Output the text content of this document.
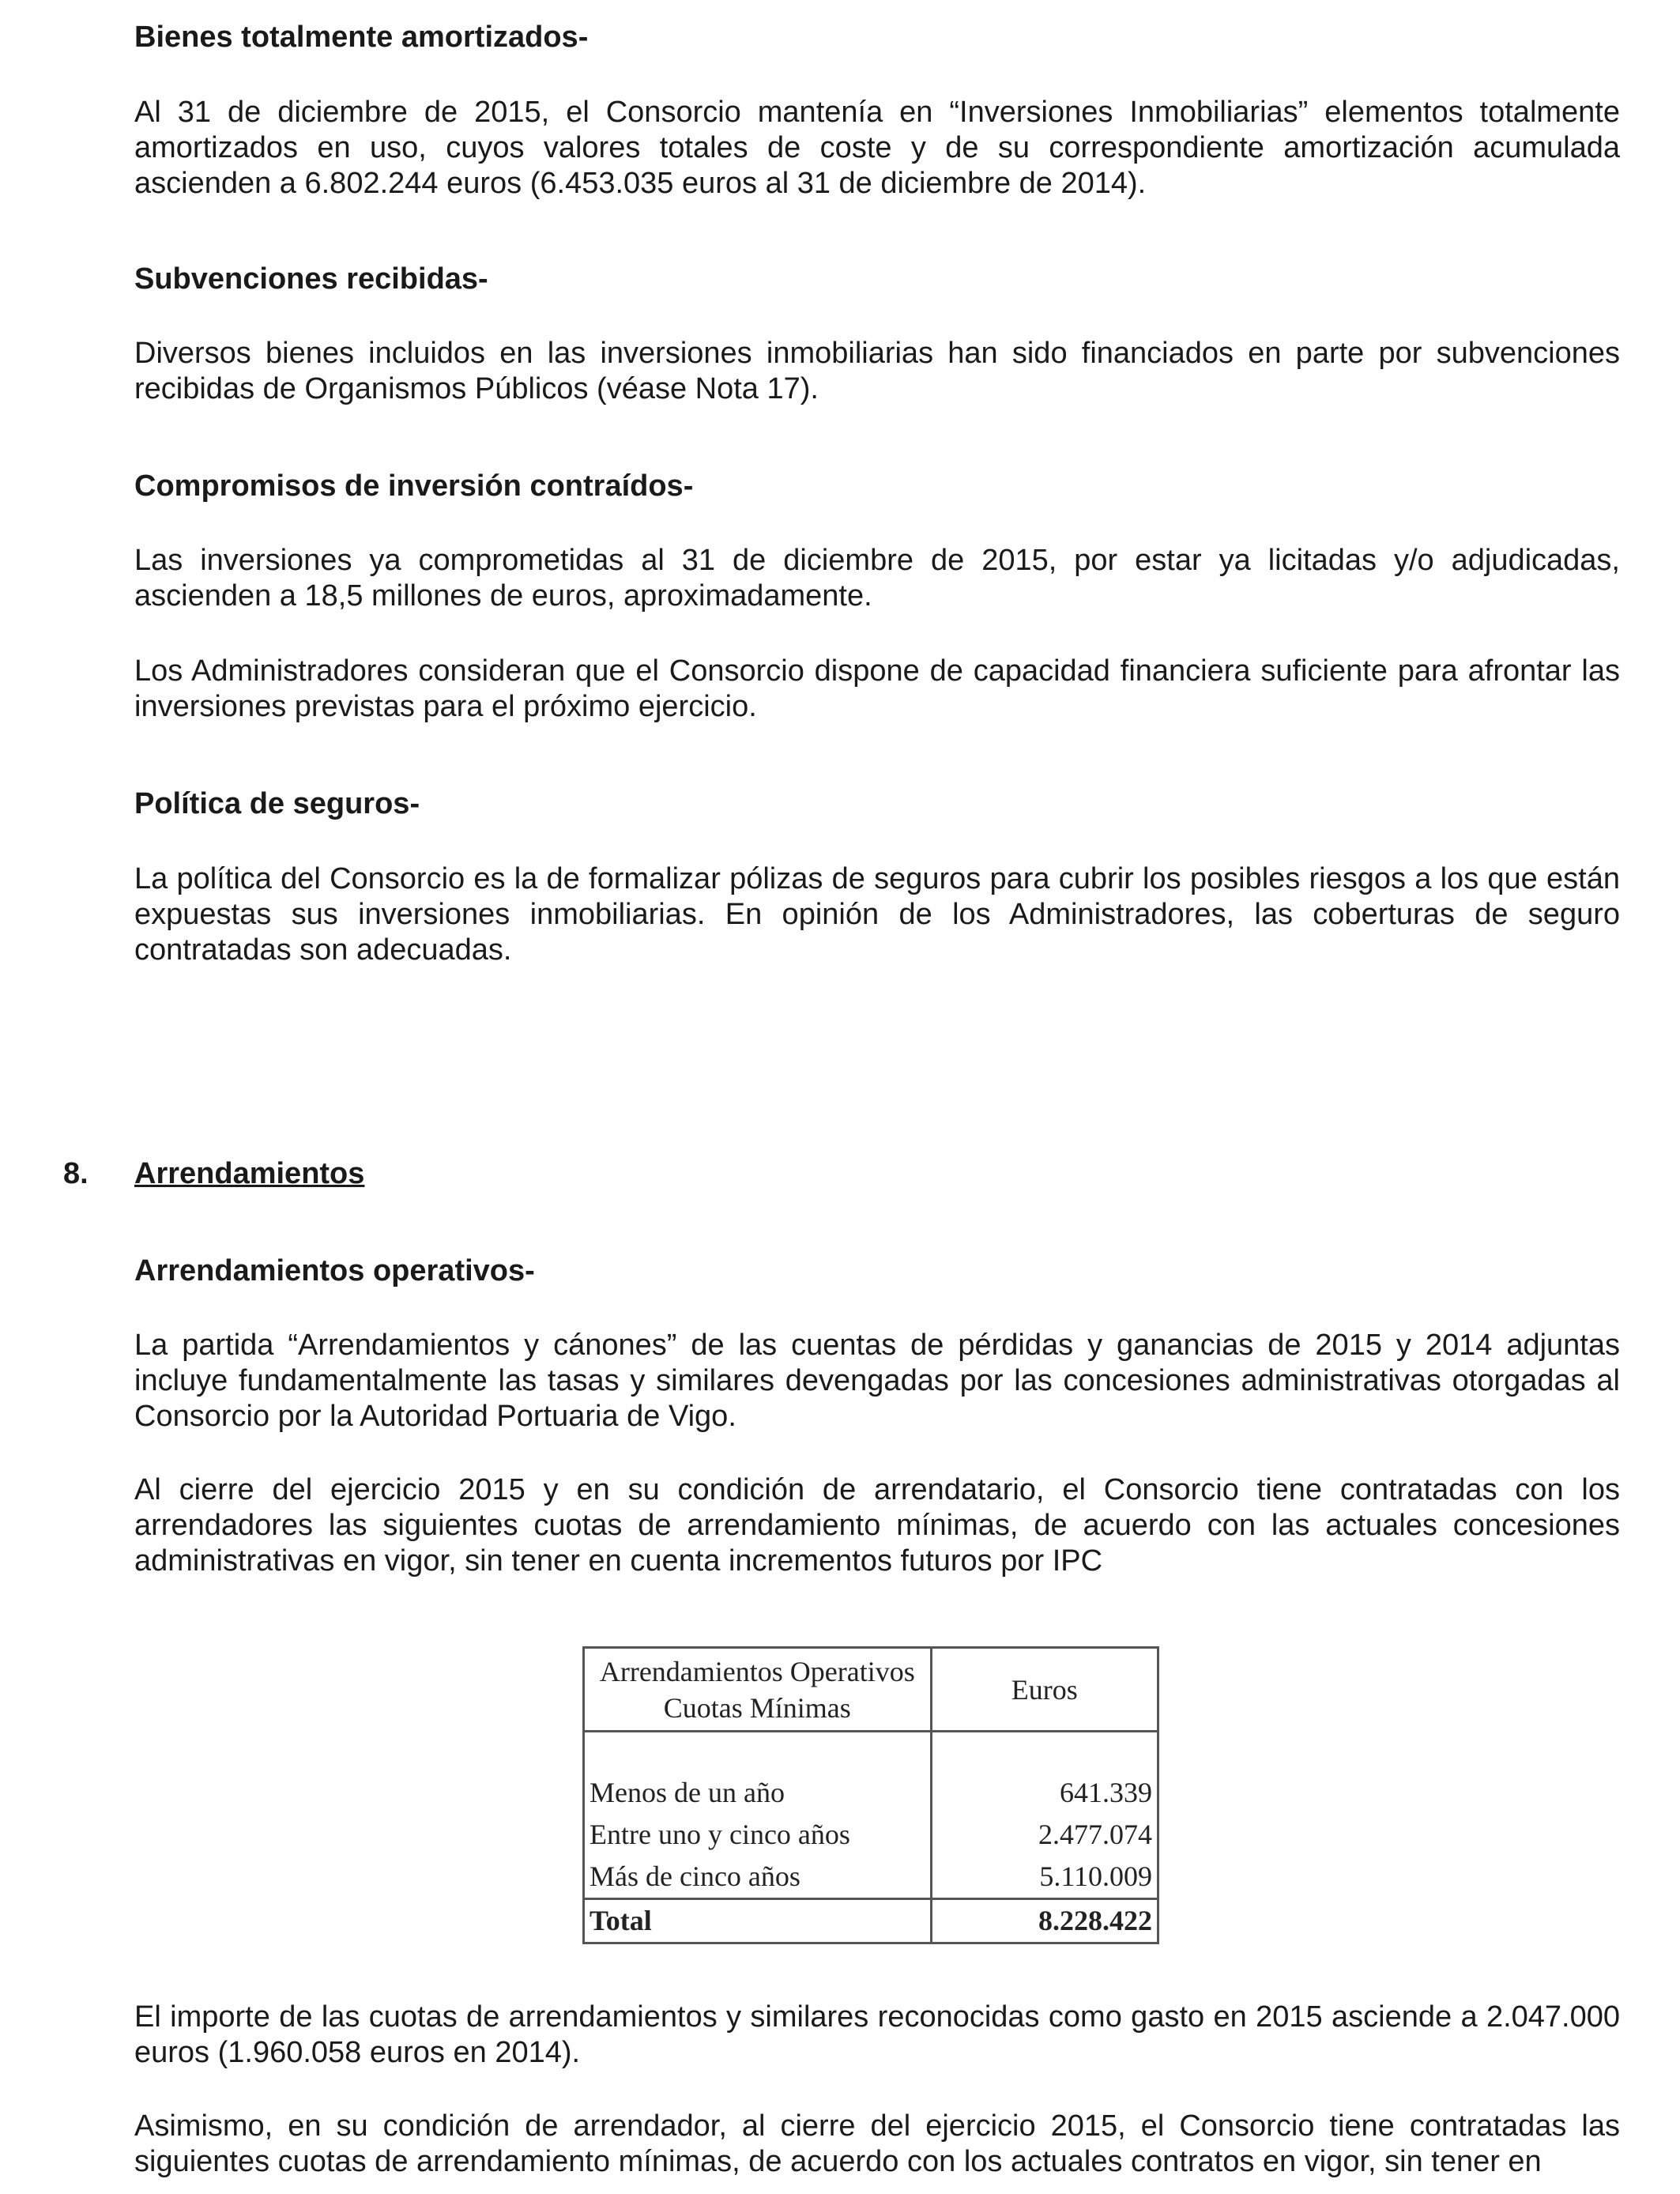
Bienes totalmente amortizados-

Al 31 de diciembre de 2015, el Consorcio mantenía en “Inversiones Inmobiliarias” elementos totalmente amortizados en uso, cuyos valores totales de coste y de su correspondiente amortización acumulada ascienden a 6.802.244 euros (6.453.035 euros al 31 de diciembre de 2014).

Subvenciones recibidas-

Diversos bienes incluidos en las inversiones inmobiliarias han sido financiados en parte por subvenciones recibidas de Organismos Públicos (véase Nota 17).

Compromisos de inversión contraídos-

Las inversiones ya comprometidas al 31 de diciembre de 2015, por estar ya licitadas y/o adjudicadas, ascienden a 18,5 millones de euros, aproximadamente.

Los Administradores consideran que el Consorcio dispone de capacidad financiera suficiente para afrontar las inversiones previstas para el próximo ejercicio.

Política de seguros-

La política del Consorcio es la de formalizar pólizas de seguros para cubrir los posibles riesgos a los que están expuestas sus inversiones inmobiliarias. En opinión de los Administradores, las coberturas de seguro contratadas son adecuadas.

8. Arrendamientos

Arrendamientos operativos-

La partida “Arrendamientos y cánones” de las cuentas de pérdidas y ganancias de 2015 y 2014 adjuntas incluye fundamentalmente las tasas y similares devengadas por las concesiones administrativas otorgadas al Consorcio por la Autoridad Portuaria de Vigo.

Al cierre del ejercicio 2015 y en su condición de arrendatario, el Consorcio tiene contratadas con los arrendadores las siguientes cuotas de arrendamiento mínimas, de acuerdo con las actuales concesiones administrativas en vigor, sin tener en cuenta incrementos futuros por IPC

Arrendamientos Operativos
Cuotas Mínimas	Euros

Menos de un año	641.339
Entre uno y cinco años	2.477.074
Más de cinco años	5.110.009
Total	8.228.422

El importe de las cuotas de arrendamientos y similares reconocidas como gasto en 2015 asciende a 2.047.000 euros (1.960.058 euros en 2014).

Asimismo, en su condición de arrendador, al cierre del ejercicio 2015, el Consorcio tiene contratadas las siguientes cuotas de arrendamiento mínimas, de acuerdo con los actuales contratos en vigor, sin tener en
